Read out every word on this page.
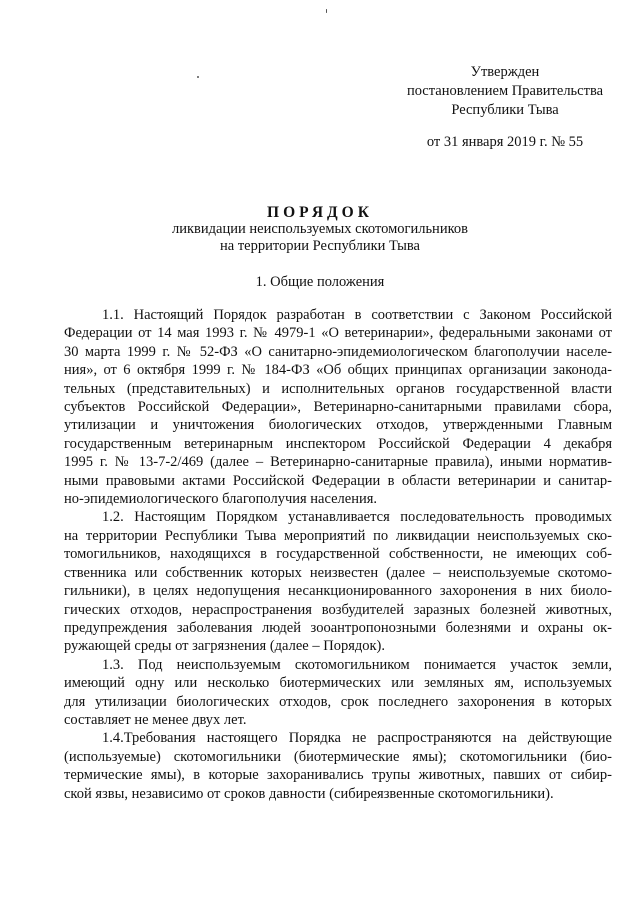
Утвержден
постановлением Правительства
Республики Тыва
от 31 января 2019 г. № 55
ПОРЯДОК
ликвидации неиспользуемых скотомогильников
на территории Республики Тыва
1. Общие положения
1.1. Настоящий Порядок разработан в соответствии с Законом Российской
Федерации от 14 мая 1993 г. № 4979-1 «О ветеринарии», федеральными законами от
30 марта 1999 г. № 52-ФЗ «О санитарно-эпидемиологическом благополучии населе-
ния», от 6 октября 1999 г. № 184-ФЗ «Об общих принципах организации законода-
тельных (представительных) и исполнительных органов государственной власти
субъектов Российской Федерации», Ветеринарно-санитарными правилами сбора,
утилизации и уничтожения биологических отходов, утвержденными Главным
государственным ветеринарным инспектором Российской Федерации 4 декабря
1995 г. № 13-7-2/469 (далее – Ветеринарно-санитарные правила), иными норматив-
ными правовыми актами Российской Федерации в области ветеринарии и санитар-
но-эпидемиологического благополучия населения.
1.2. Настоящим Порядком устанавливается последовательность проводимых
на территории Республики Тыва мероприятий по ликвидации неиспользуемых ско-
томогильников, находящихся в государственной собственности, не имеющих соб-
ственника или собственник которых неизвестен (далее – неиспользуемые скотомо-
гильники), в целях недопущения несанкционированного захоронения в них биоло-
гических отходов, нераспространения возбудителей заразных болезней животных,
предупреждения заболевания людей зооантропонозными болезнями и охраны ок-
ружающей среды от загрязнения (далее – Порядок).
1.3. Под неиспользуемым скотомогильником понимается участок земли,
имеющий одну или несколько биотермических или земляных ям, используемых
для утилизации биологических отходов, срок последнего захоронения в которых
составляет не менее двух лет.
1.4.Требования настоящего Порядка не распространяются на действующие
(используемые) скотомогильники (биотермические ямы); скотомогильники (био-
термические ямы), в которые захоранивались трупы животных, павших от сибир-
ской язвы, независимо от сроков давности (сибиреязвенные скотомогильники).
